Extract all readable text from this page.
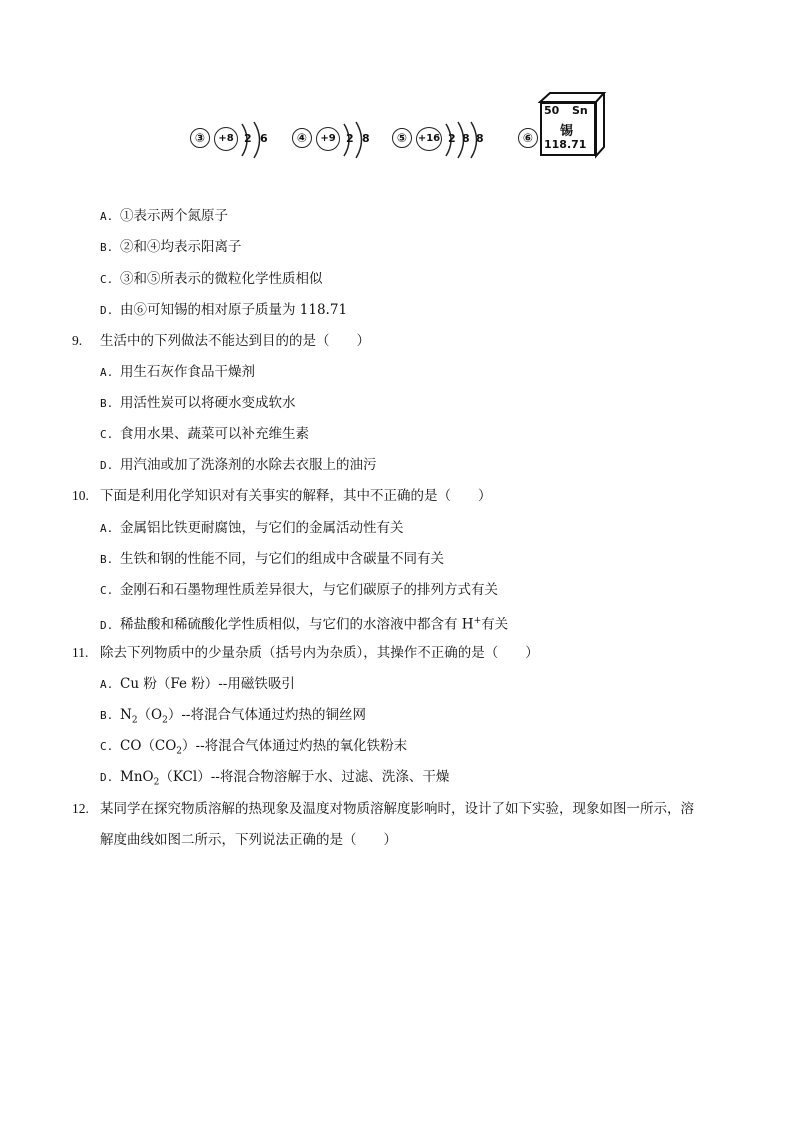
③	+8 2 6	④	+9 2 8	⑤	+16 2 8 8	⑥
50 Sn
锡
118.71
A. ①表示两个氮原子
B. ②和④均表示阳离子
C. ③和⑤所表示的微粒化学性质相似
D. 由⑥可知锡的相对原子质量为 118.71
9. 生活中的下列做法不能达到目的的是（　　）
A. 用生石灰作食品干燥剂
B. 用活性炭可以将硬水变成软水
C. 食用水果、蔬菜可以补充维生素
D. 用汽油或加了洗涤剂的水除去衣服上的油污
10. 下面是利用化学知识对有关事实的解释，其中不正确的是（　　）
A. 金属铝比铁更耐腐蚀，与它们的金属活动性有关
B. 生铁和钢的性能不同，与它们的组成中含碳量不同有关
C. 金刚石和石墨物理性质差异很大，与它们碳原子的排列方式有关
D. 稀盐酸和稀硫酸化学性质相似，与它们的水溶液中都含有 H+有关
11. 除去下列物质中的少量杂质（括号内为杂质），其操作不正确的是（　　）
A. Cu 粉（Fe 粉）--用磁铁吸引
B. $N_2(O_2)--$将混合气体通过灼热的铜丝网
C. $CO(CO_2)--$将混合气体通过灼热的氧化铁粉末
D. MnO$_2$（KCl）--将混合物溶解于水、过滤、洗涤、干燥
12. 某同学在探究物质溶解的热现象及温度对物质溶解度影响时，设计了如下实验，现象如图一所示，溶
解度曲线如图二所示，下列说法正确的是（　　）
